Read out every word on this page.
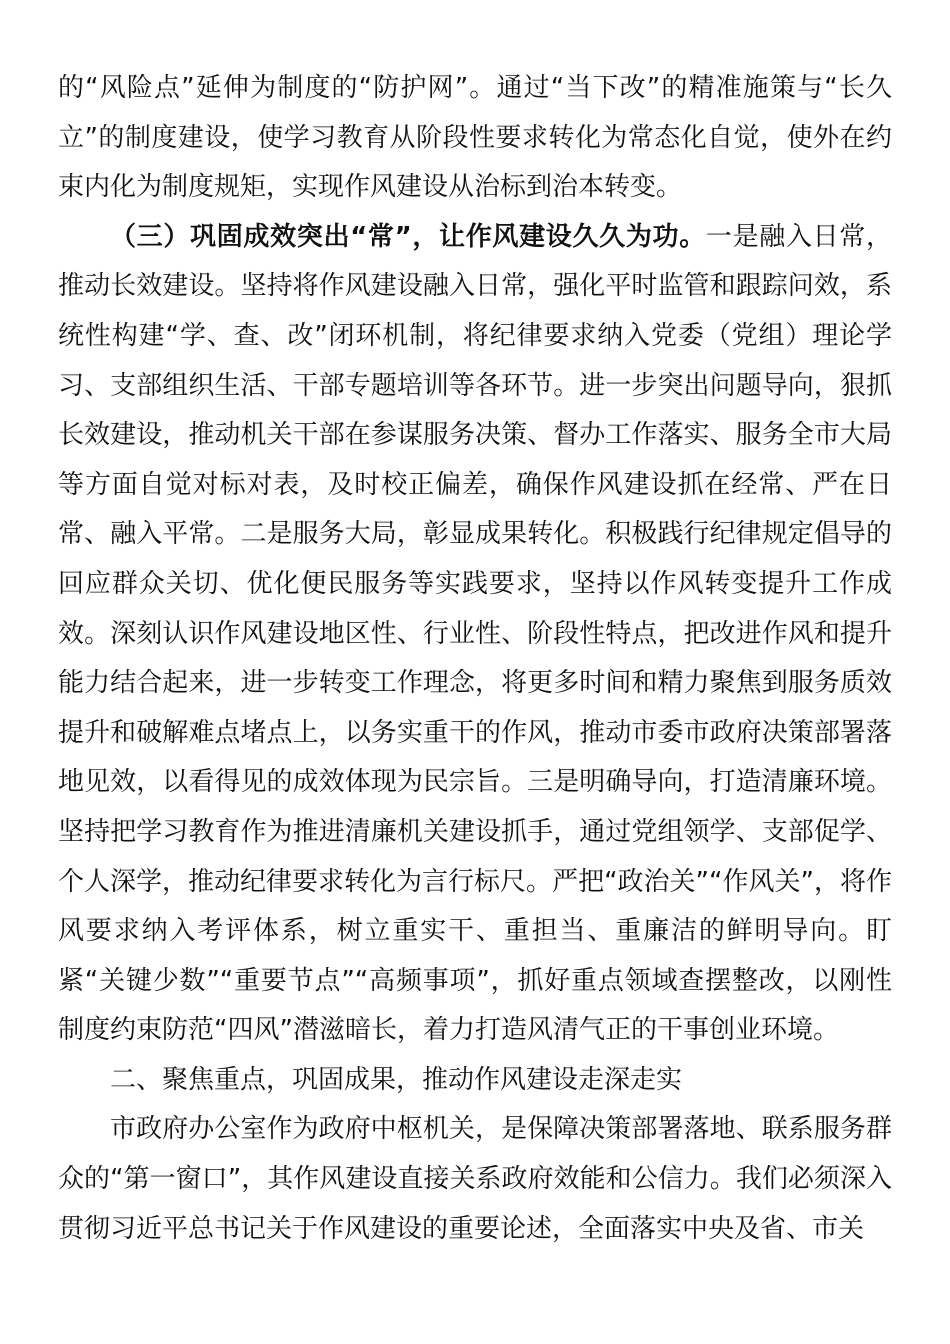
的“风险点”延伸为制度的“防护网”。通过“当下改”的精准施策与“长久立”的制度建设，使学习教育从阶段性要求转化为常态化自觉，使外在约束内化为制度规矩，实现作风建设从治标到治本转变。

（三）巩固成效突出“常”，让作风建设久久为功。一是融入日常，推动长效建设。坚持将作风建设融入日常，强化平时监管和跟踪问效，系统性构建“学、查、改”闭环机制，将纪律要求纳入党委（党组）理论学习、支部组织生活、干部专题培训等各环节。进一步突出问题导向，狠抓长效建设，推动机关干部在参谋服务决策、督办工作落实、服务全市大局等方面自觉对标对表，及时校正偏差，确保作风建设抓在经常、严在日常、融入平常。二是服务大局，彰显成果转化。积极践行纪律规定倡导的回应群众关切、优化便民服务等实践要求，坚持以作风转变提升工作成效。深刻认识作风建设地区性、行业性、阶段性特点，把改进作风和提升能力结合起来，进一步转变工作理念，将更多时间和精力聚焦到服务质效提升和破解难点堵点上，以务实重干的作风，推动市委市政府决策部署落地见效，以看得见的成效体现为民宗旨。三是明确导向，打造清廉环境。坚持把学习教育作为推进清廉机关建设抓手，通过党组领学、支部促学、个人深学，推动纪律要求转化为言行标尺。严把“政治关”“作风关”，将作风要求纳入考评体系，树立重实干、重担当、重廉洁的鲜明导向。盯紧“关键少数”“重要节点”“高频事项”，抓好重点领域查摆整改，以刚性制度约束防范“四风”潜滋暗长，着力打造风清气正的干事创业环境。

二、聚焦重点，巩固成果，推动作风建设走深走实

市政府办公室作为政府中枢机关，是保障决策部署落地、联系服务群众的“第一窗口”，其作风建设直接关系政府效能和公信力。我们必须深入贯彻习近平总书记关于作风建设的重要论述，全面落实中央及省、市关
